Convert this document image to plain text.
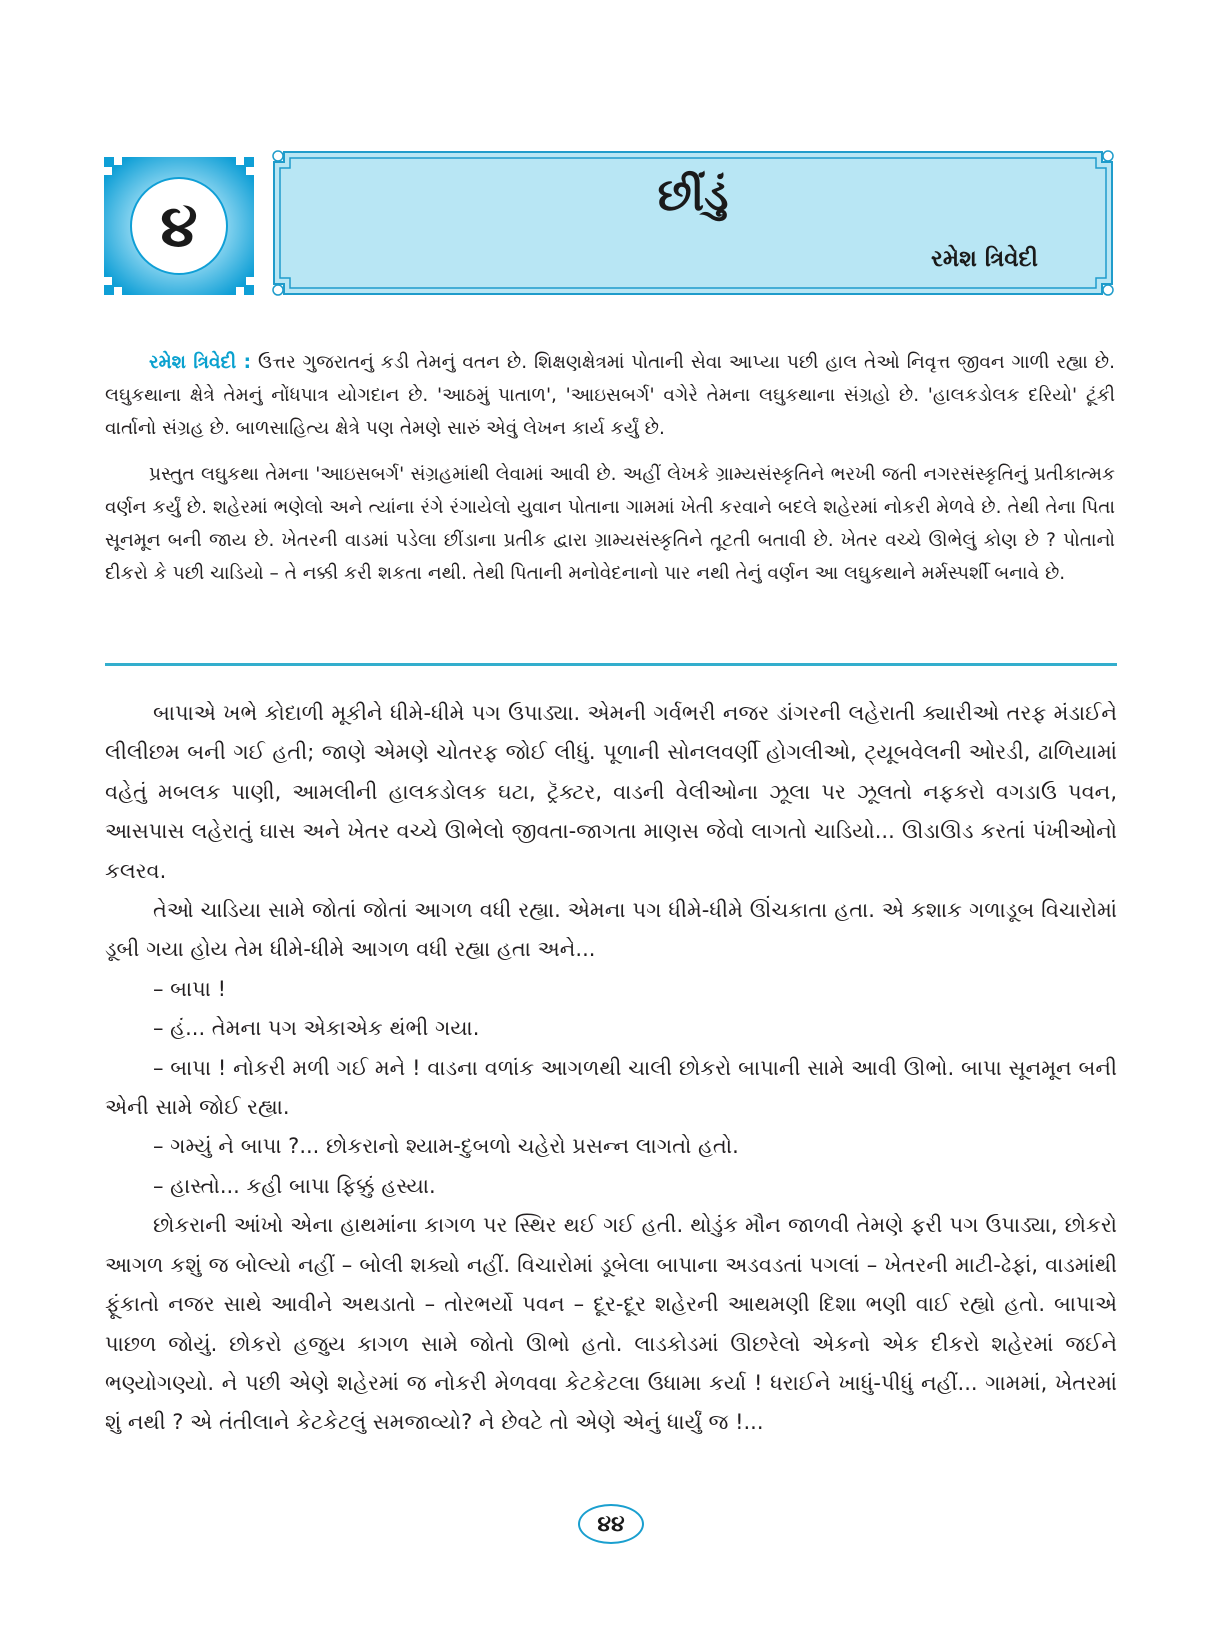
૪	છીંડું
રમેશ ત્રિવેદી

રમેશ ત્રિવેદી : ઉત્તર ગુજરાતનું કડી તેમનું વતન છે. શિક્ષણક્ષેત્રમાં પોતાની સેવા આપ્યા પછી હાલ તેઓ નિવૃત્ત જીવન ગાળી રહ્યા છે. લઘુકથાના ક્ષેત્રે તેમનું નોંધપાત્ર યોગદાન છે. 'આઠમું પાતાળ', 'આઇસબર્ગ' વગેરે તેમના લઘુકથાના સંગ્રહો છે. 'હાલકડોલક દરિયો' ટૂંકી વાર્તાનો સંગ્રહ છે. બાળસાહિત્ય ક્ષેત્રે પણ તેમણે સારું એવું લેખન કાર્ય કર્યું છે.

પ્રસ્તુત લઘુકથા તેમના 'આઇસબર્ગ' સંગ્રહમાંથી લેવામાં આવી છે. અહીં લેખકે ગ્રામ્યસંસ્કૃતિને ભરખી જતી નગરસંસ્કૃતિનું પ્રતીકાત્મક વર્ણન કર્યું છે. શહેરમાં ભણેલો અને ત્યાંના રંગે રંગાયેલો યુવાન પોતાના ગામમાં ખેતી કરવાને બદલે શહેરમાં નોકરી મેળવે છે. તેથી તેના પિતા સૂનમૂન બની જાય છે. ખેતરની વાડમાં પડેલા છીંડાના પ્રતીક દ્વારા ગ્રામ્યસંસ્કૃતિને તૂટતી બતાવી છે. ખેતર વચ્ચે ઊભેલું કોણ છે ? પોતાનો દીકરો કે પછી ચાડિયો – તે નક્કી કરી શકતા નથી. તેથી પિતાની મનોવેદનાનો પાર નથી તેનું વર્ણન આ લઘુકથાને મર્મસ્પર્શી બનાવે છે.

બાપાએ ખભે કોદાળી મૂકીને ધીમે-ધીમે પગ ઉપાડ્યા. એમની ગર્વભરી નજર ડાંગરની લહેરાતી ક્યારીઓ તરફ મંડાઈને લીલીછમ બની ગઈ હતી; જાણે એમણે ચોતરફ જોઈ લીધું. પૂળાની સોનલવર્ણી હોગલીઓ, ટ્યૂબવેલની ઓરડી, ઢાળિયામાં વહેતું મબલક પાણી, આમલીની હાલકડોલક ઘટા, ટ્રૅક્ટર, વાડની વેલીઓના ઝૂલા પર ઝૂલતો નફકરો વગડાઉ પવન, આસપાસ લહેરાતું ઘાસ અને ખેતર વચ્ચે ઊભેલો જીવતા-જાગતા માણસ જેવો લાગતો ચાડિયો... ઊડાઊડ કરતાં પંખીઓનો કલરવ.

તેઓ ચાડિયા સામે જોતાં જોતાં આગળ વધી રહ્યા. એમના પગ ધીમે-ધીમે ઊંચકાતા હતા. એ કશાક ગળાડૂબ વિચારોમાં ડૂબી ગયા હોય તેમ ધીમે-ધીમે આગળ વધી રહ્યા હતા અને...

– બાપા !

– હં... તેમના પગ એકાએક થંભી ગયા.

– બાપા ! નોકરી મળી ગઈ મને ! વાડના વળાંક આગળથી ચાલી છોકરો બાપાની સામે આવી ઊભો. બાપા સૂનમૂન બની એની સામે જોઈ રહ્યા.

– ગમ્યું ને બાપા ?... છોકરાનો શ્યામ-દુબળો ચહેરો પ્રસન્ન લાગતો હતો.

– હાસ્તો... કહી બાપા ફિક્કું હસ્યા.

છોકરાની આંખો એના હાથમાંના કાગળ પર સ્થિર થઈ ગઈ હતી. થોડુંક મૌન જાળવી તેમણે ફરી પગ ઉપાડ્યા, છોકરો આગળ કશું જ બોલ્યો નહીં – બોલી શક્યો નહીં. વિચારોમાં ડૂબેલા બાપાના અડવડતાં પગલાં – ખેતરની માટી-ઢેફાં, વાડમાંથી ફૂંકાતો નજર સાથે આવીને અથડાતો – તોરભર્યો પવન – દૂર-દૂર શહેરની આથમણી દિશા ભણી વાઈ રહ્યો હતો. બાપાએ પાછળ જોયું. છોકરો હજુય કાગળ સામે જોતો ઊભો હતો. લાડકોડમાં ઊછરેલો એકનો એક દીકરો શહેરમાં જઈને ભણ્યોગણ્યો. ને પછી એણે શહેરમાં જ નોકરી મેળવવા કેટકેટલા ઉધામા કર્યા ! ધરાઈને ખાધું-પીધું નહીં... ગામમાં, ખેતરમાં શું નથી ? એ તંતીલાને કેટકેટલું સમજાવ્યો? ને છેવટે તો એણે એનું ધાર્યું જ !...

૪૪
